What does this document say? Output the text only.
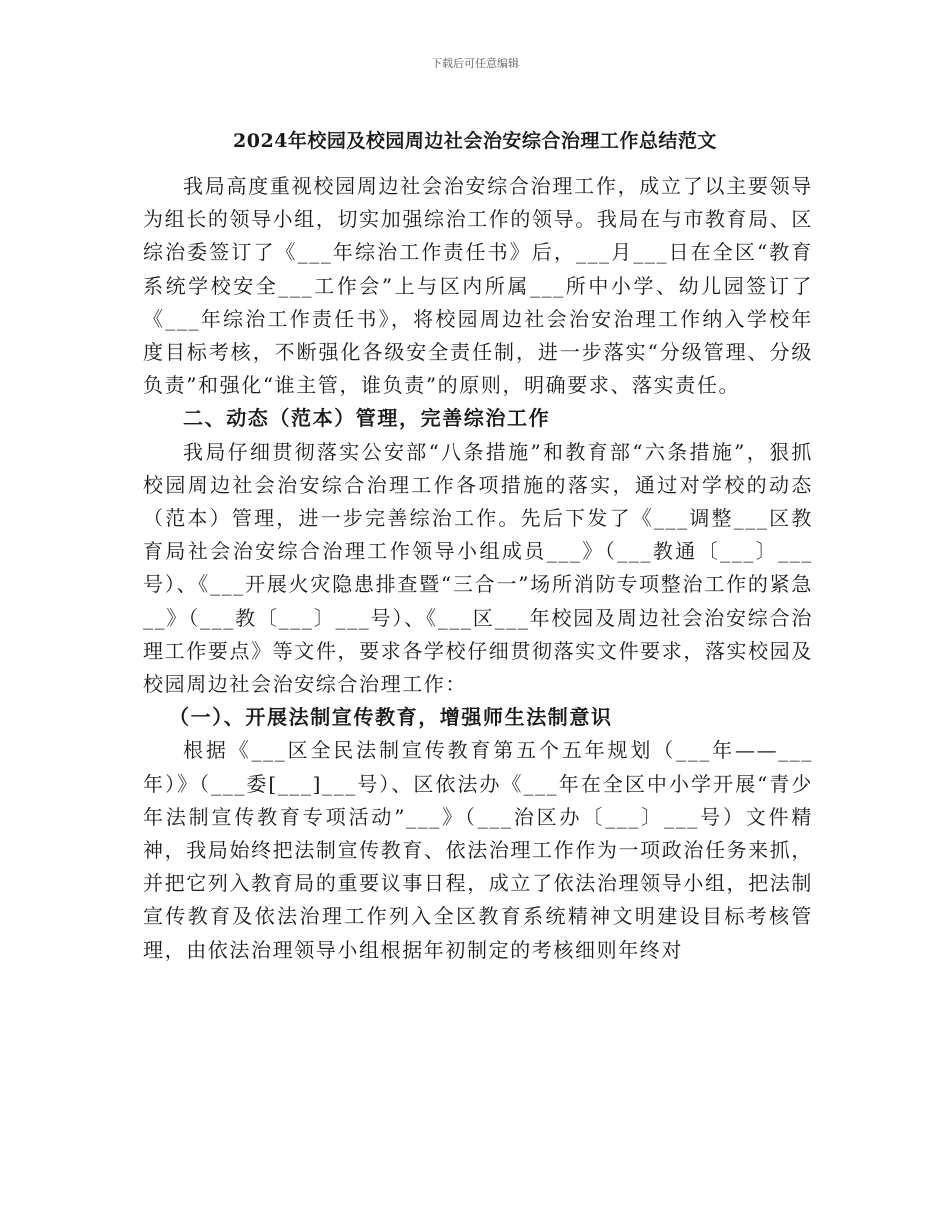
下载后可任意编辑
2024年校园及校园周边社会治安综合治理工作总结范文

我局高度重视校园周边社会治安综合治理工作，成立了以主要领导为组长的领导小组，切实加强综治工作的领导。我局在与市教育局、区综治委签订了《___年综治工作责任书》后，___月___日在全区“教育系统学校安全___工作会”上与区内所属___所中小学、幼儿园签订了《___年综治工作责任书》，将校园周边社会治安治理工作纳入学校年度目标考核，不断强化各级安全责任制，进一步落实“分级管理、分级负责”和强化“谁主管，谁负责”的原则，明确要求、落实责任。

二、动态（范本）管理，完善综治工作

我局仔细贯彻落实公安部“八条措施”和教育部“六条措施”，狠抓校园周边社会治安综合治理工作各项措施的落实，通过对学校的动态（范本）管理，进一步完善综治工作。先后下发了《___调整___区教育局社会治安综合治理工作领导小组成员___》（___教通〔___〕___号）、《___开展火灾隐患排查暨“三合一”场所消防专项整治工作的紧急__》（___教〔___〕___号）、《___区___年校园及周边社会治安综合治理工作要点》等文件，要求各学校仔细贯彻落实文件要求，落实校园及校园周边社会治安综合治理工作：

（一）、开展法制宣传教育，增强师生法制意识

根据《___区全民法制宣传教育第五个五年规划（___年——___年）》（___委[___]___号）、区依法办《___年在全区中小学开展“青少年法制宣传教育专项活动”___》（___治区办〔___〕___号）文件精神，我局始终把法制宣传教育、依法治理工作作为一项政治任务来抓，并把它列入教育局的重要议事日程，成立了依法治理领导小组，把法制宣传教育及依法治理工作列入全区教育系统精神文明建设目标考核管理，由依法治理领导小组根据年初制定的考核细则年终对
